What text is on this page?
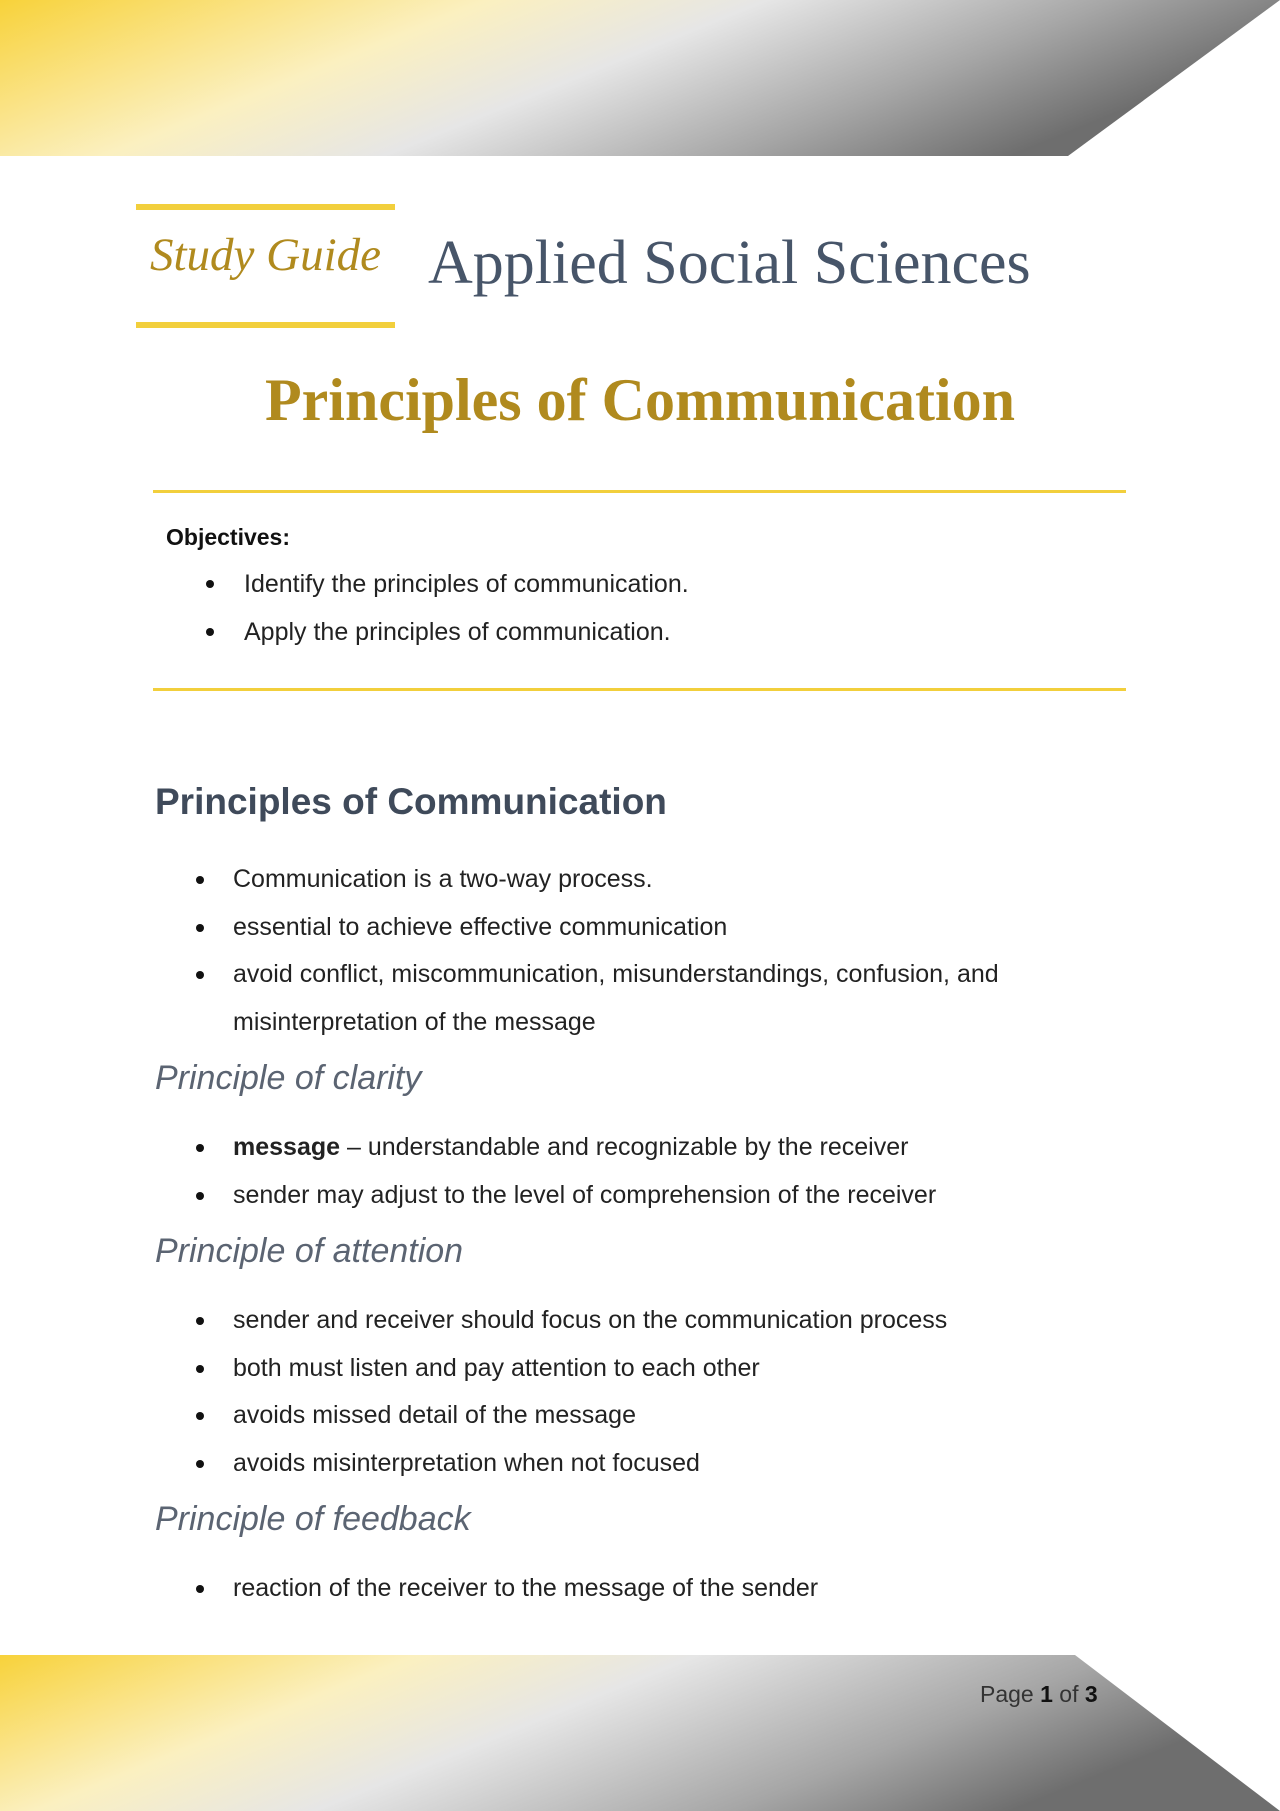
Study Guide Applied Social Sciences
Principles of Communication
Objectives:
Identify the principles of communication.
Apply the principles of communication.
Principles of Communication
Communication is a two-way process.
essential to achieve effective communication
avoid conflict, miscommunication, misunderstandings, confusion, and misinterpretation of the message
Principle of clarity
message – understandable and recognizable by the receiver
sender may adjust to the level of comprehension of the receiver
Principle of attention
sender and receiver should focus on the communication process
both must listen and pay attention to each other
avoids missed detail of the message
avoids misinterpretation when not focused
Principle of feedback
reaction of the receiver to the message of the sender
Page 1 of 3
